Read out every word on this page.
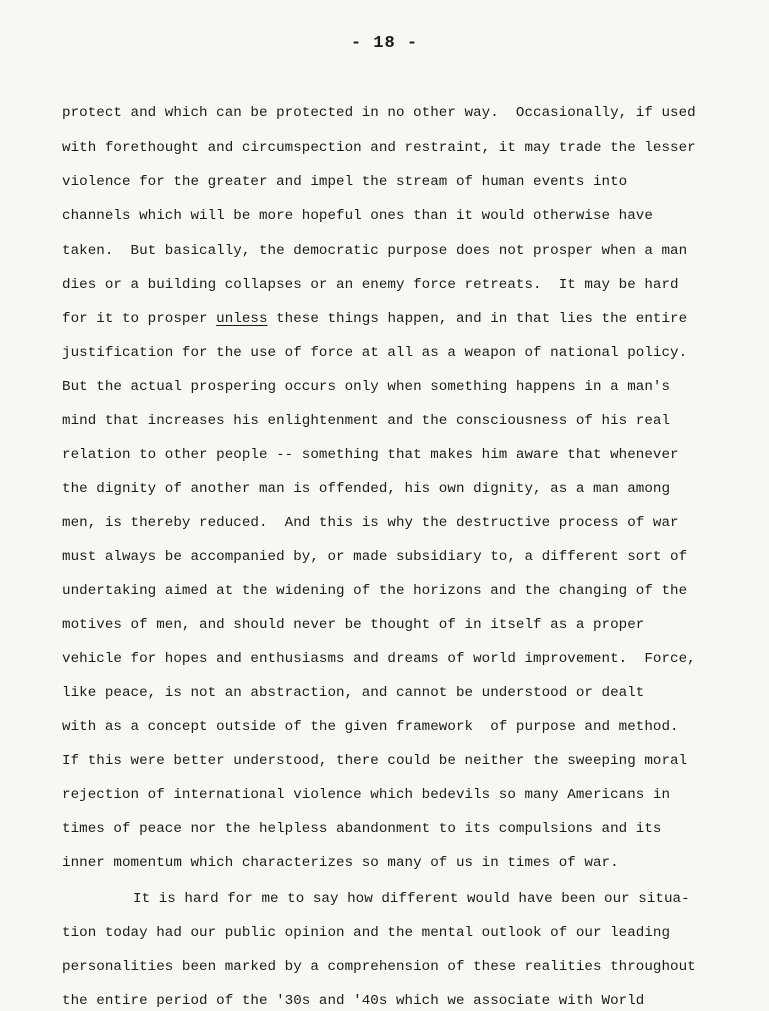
- 18 -
protect and which can be protected in no other way.  Occasionally, if used
with forethought and circumspection and restraint, it may trade the lesser
violence for the greater and impel the stream of human events into
channels which will be more hopeful ones than it would otherwise have
taken.  But basically, the democratic purpose does not prosper when a man
dies or a building collapses or an enemy force retreats.  It may be hard
for it to prosper unless these things happen, and in that lies the entire
justification for the use of force at all as a weapon of national policy.
But the actual prospering occurs only when something happens in a man's
mind that increases his enlightenment and the consciousness of his real
relation to other people -- something that makes him aware that whenever
the dignity of another man is offended, his own dignity, as a man among
men, is thereby reduced.  And this is why the destructive process of war
must always be accompanied by, or made subsidiary to, a different sort of
undertaking aimed at the widening of the horizons and the changing of the
motives of men, and should never be thought of in itself as a proper
vehicle for hopes and enthusiasms and dreams of world improvement.  Force,
like peace, is not an abstraction, and cannot be understood or dealt
with as a concept outside of the given framework  of purpose and method.
If this were better understood, there could be neither the sweeping moral
rejection of international violence which bedevils so many Americans in
times of peace nor the helpless abandonment to its compulsions and its
inner momentum which characterizes so many of us in times of war.
It is hard for me to say how different would have been our situa-
tion today had our public opinion and the mental outlook of our leading
personalities been marked by a comprehension of these realities throughout
the entire period of the '30s and '40s which we associate with World
